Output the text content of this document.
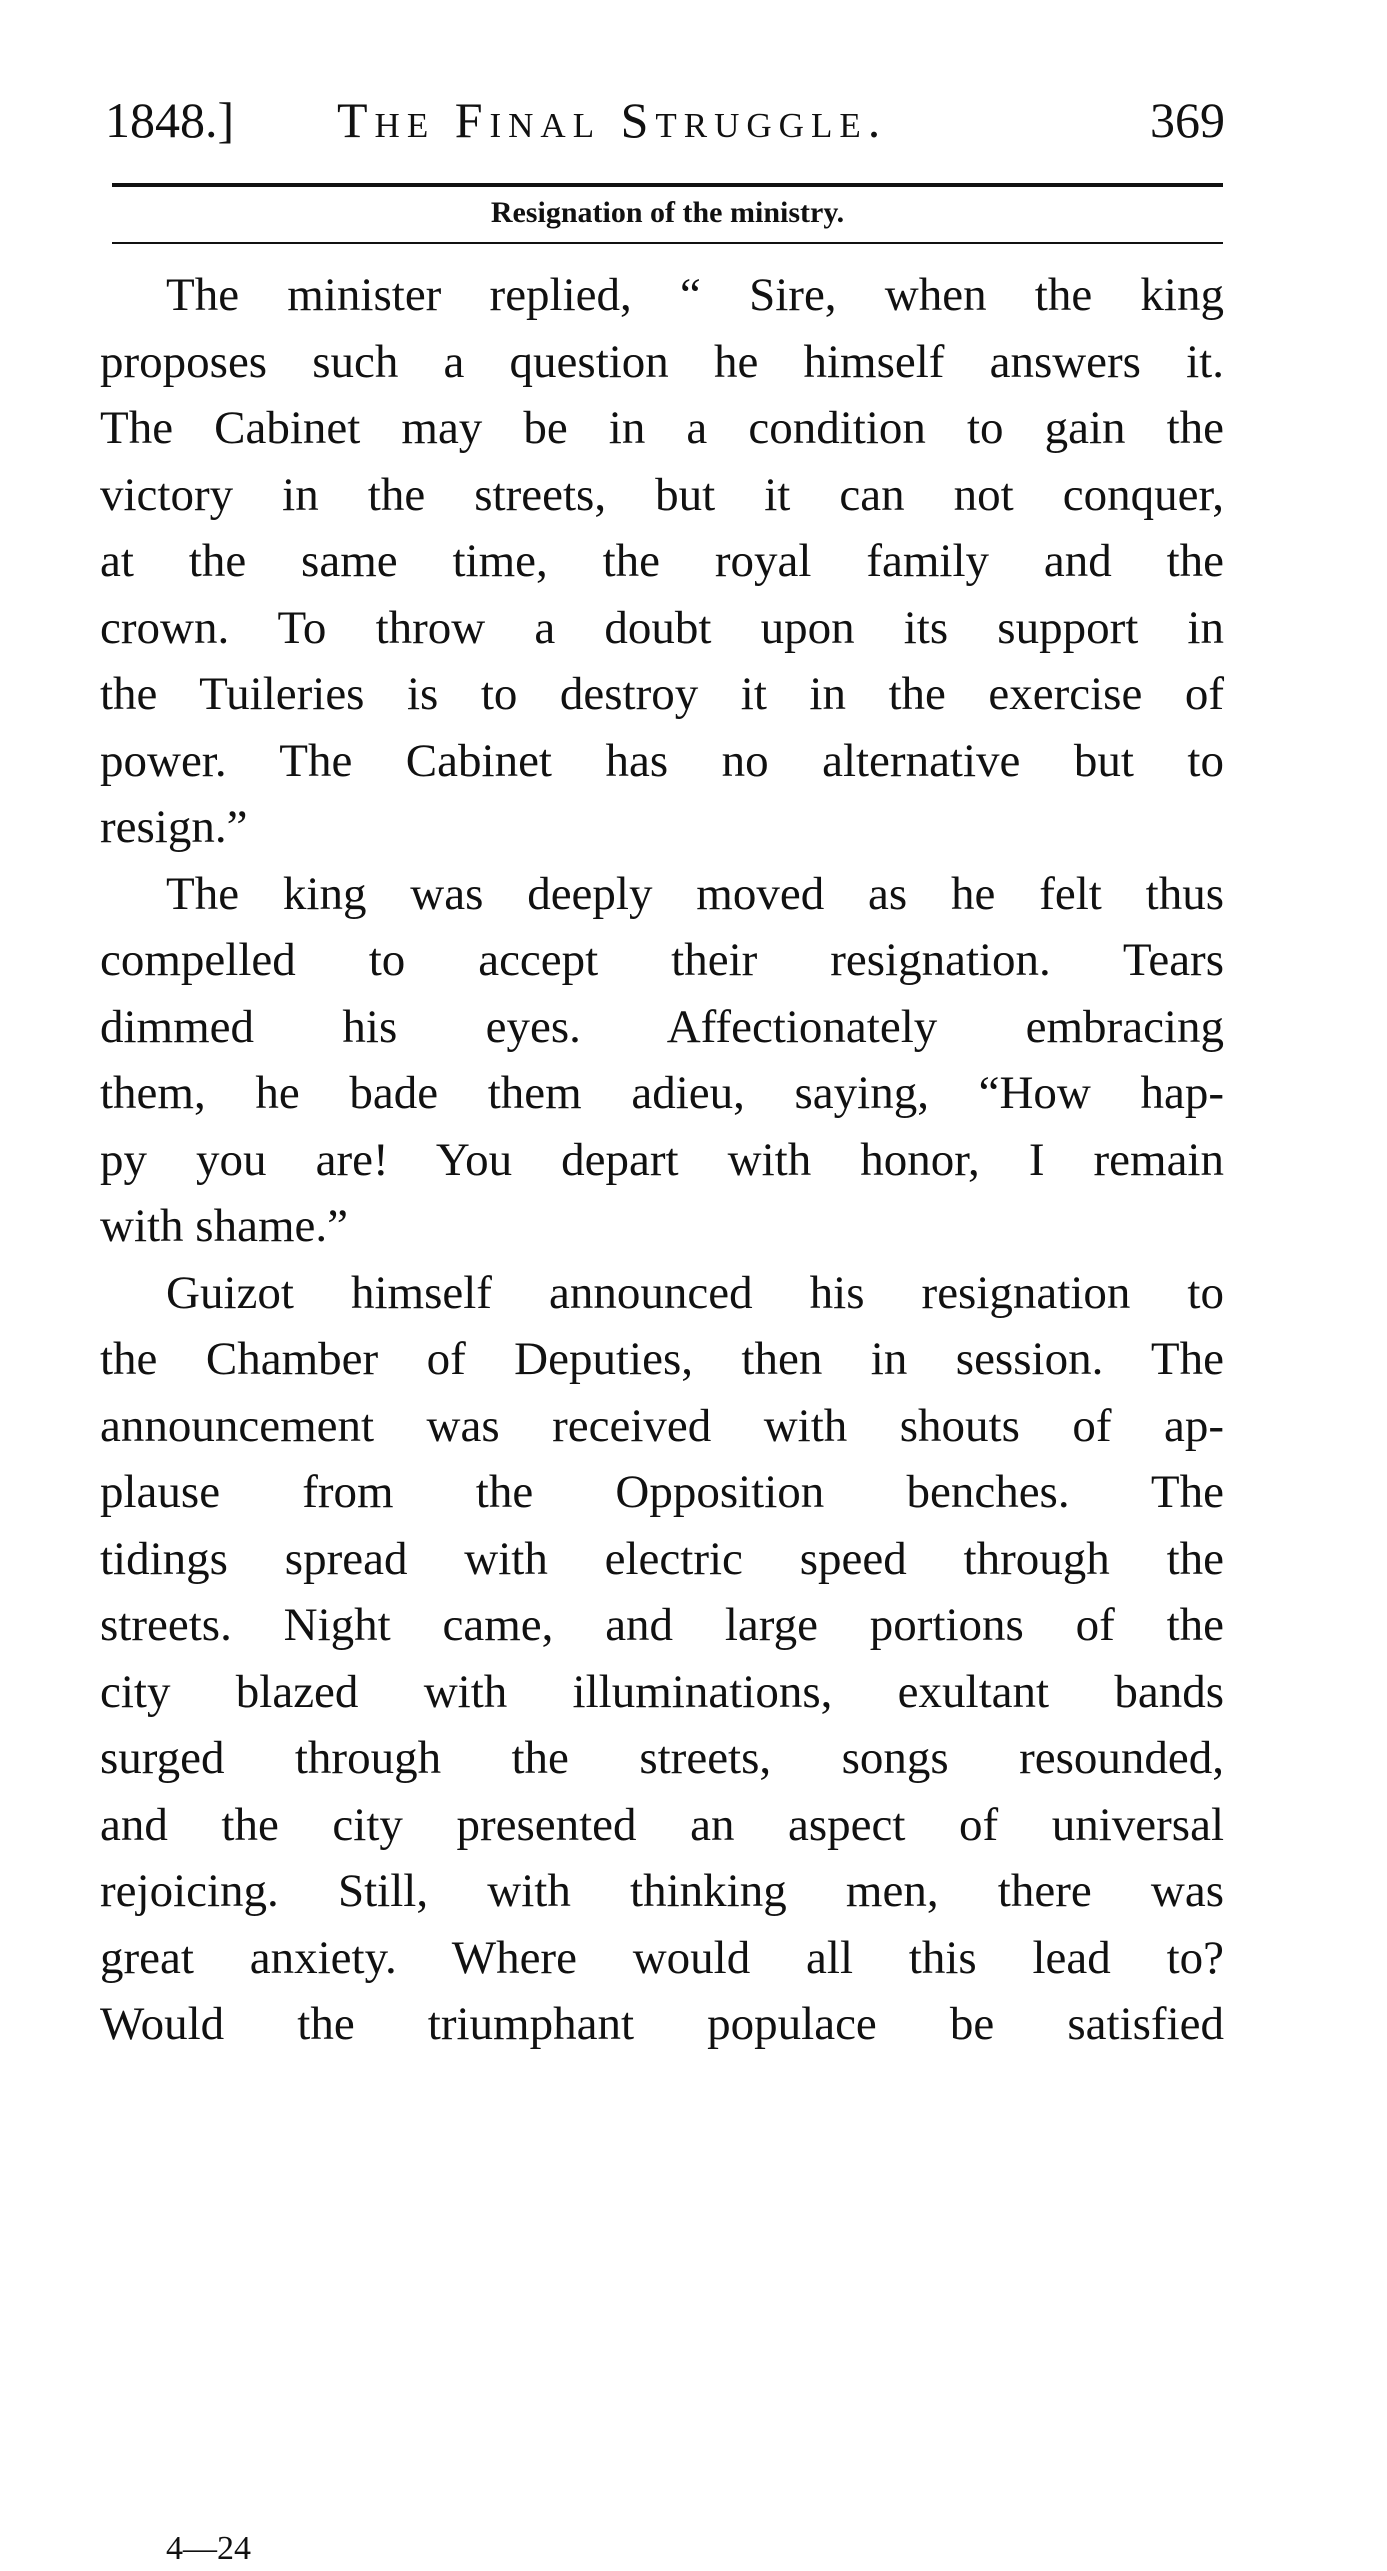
1848.] The Final Struggle.	369
Resignation of the ministry.
The minister replied, “ Sire, when the king
proposes such a question he himself answers it.
The Cabinet may be in a condition to gain the
victory in the streets, but it can not conquer,
at the same time, the royal family and the
crown. To throw a doubt upon its support in
the Tuileries is to destroy it in the exercise of
power. The Cabinet has no alternative but to
resign.”
The king was deeply moved as he felt thus
compelled to accept their resignation. Tears
dimmed his eyes. Affectionately embracing
them, he bade them adieu, saying, “How hap-
py you are! You depart with honor, I remain
with shame.”
Guizot himself announced his resignation to
the Chamber of Deputies, then in session. The
announcement was received with shouts of ap-
plause from the Opposition benches. The
tidings spread with electric speed through the
streets. Night came, and large portions of the
city blazed with illuminations, exultant bands
surged through the streets, songs resounded,
and the city presented an aspect of universal
rejoicing. Still, with thinking men, there was
great anxiety. Where would all this lead to?
Would the triumphant populace be satisfied
4—24
